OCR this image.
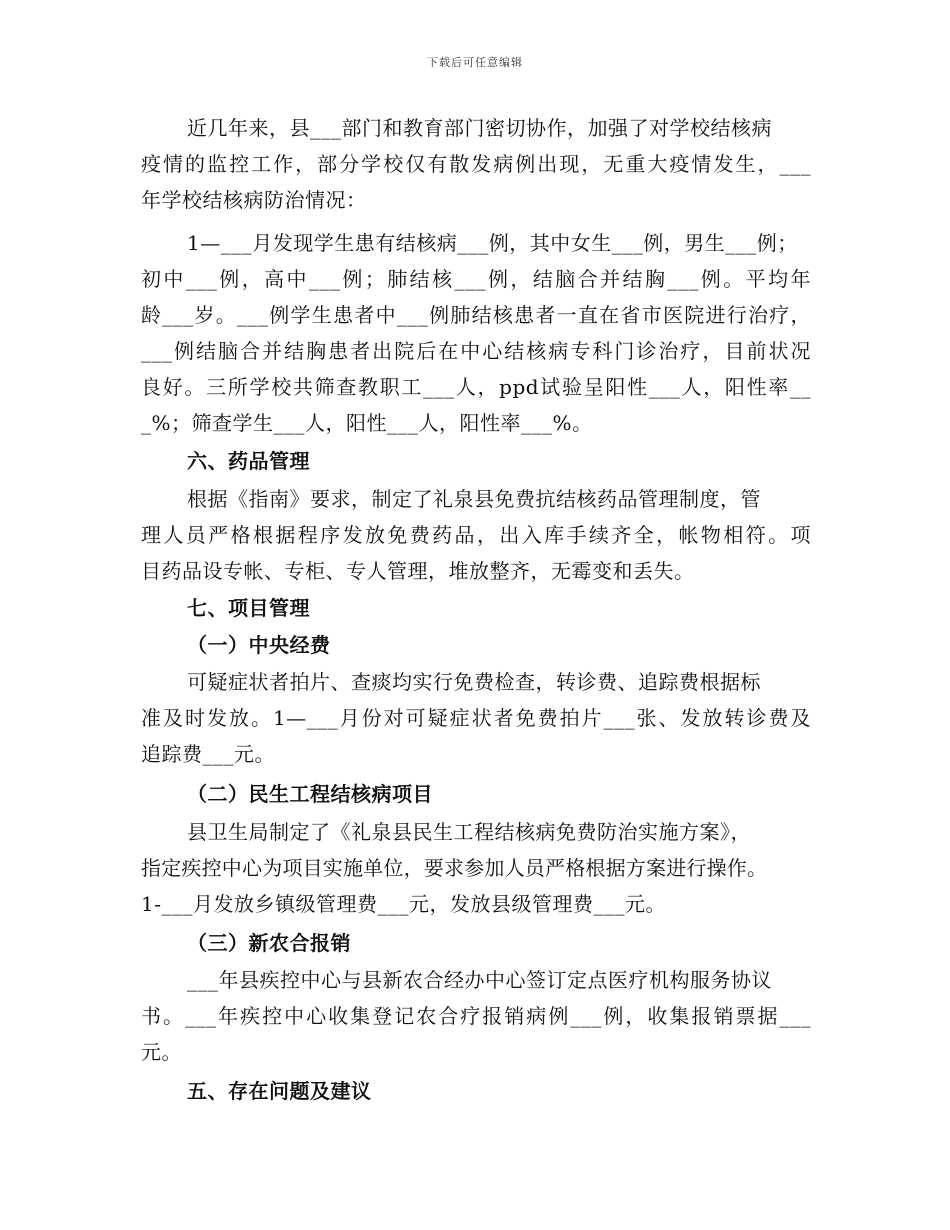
下载后可任意编辑
近几年来，县___部门和教育部门密切协作，加强了对学校结核病
疫情的监控工作，部分学校仅有散发病例出现，无重大疫情发生，___
年学校结核病防治情况：
1—___月发现学生患有结核病___例，其中女生___例，男生___例；
初中___例，高中___例；肺结核___例，结脑合并结胸___例。平均年
龄___岁。___例学生患者中___例肺结核患者一直在省市医院进行治疗，
___例结脑合并结胸患者出院后在中心结核病专科门诊治疗，目前状况
良好。三所学校共筛查教职工___人，ppd试验呈阳性___人，阳性率__
_%；筛查学生___人，阳性___人，阳性率___%。
六、药品管理
根据《指南》要求，制定了礼泉县免费抗结核药品管理制度，管
理人员严格根据程序发放免费药品，出入库手续齐全，帐物相符。项
目药品设专帐、专柜、专人管理，堆放整齐，无霉变和丢失。
七、项目管理
（一）中央经费
可疑症状者拍片、查痰均实行免费检查，转诊费、追踪费根据标
准及时发放。1—___月份对可疑症状者免费拍片___张、发放转诊费及
追踪费___元。
（二）民生工程结核病项目
县卫生局制定了《礼泉县民生工程结核病免费防治实施方案》，
指定疾控中心为项目实施单位，要求参加人员严格根据方案进行操作。
1-___月发放乡镇级管理费___元，发放县级管理费___元。
（三）新农合报销
___年县疾控中心与县新农合经办中心签订定点医疗机构服务协议
书。___年疾控中心收集登记农合疗报销病例___例，收集报销票据___
元。
五、存在问题及建议
